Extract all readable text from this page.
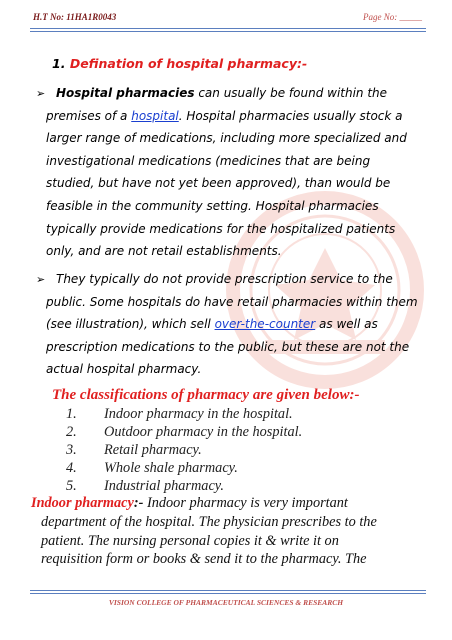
H.T No: 11HA1R0043	Page No: _____
1. Defination of hospital pharmacy:-
➢ Hospital pharmacies can usually be found within the
premises of a hospital. Hospital pharmacies usually stock a
larger range of medications, including more specialized and
investigational medications (medicines that are being
studied, but have not yet been approved), than would be
feasible in the community setting. Hospital pharmacies
typically provide medications for the hospitalized patients
only, and are not retail establishments.
➢ They typically do not provide prescription service to the
public. Some hospitals do have retail pharmacies within them
(see illustration), which sell over-the-counter as well as
prescription medications to the public, but these are not the
actual hospital pharmacy.
The classifications of pharmacy are given below:-
1. Indoor pharmacy in the hospital.
2. Outdoor pharmacy in the hospital.
3. Retail pharmacy.
4. Whole shale pharmacy.
5. Industrial pharmacy.
Indoor pharmacy:- Indoor pharmacy is very important
department of the hospital. The physician prescribes to the
patient. The nursing personal copies it & write it on
requisition form or books & send it to the pharmacy. The
VISION COLLEGE OF PHARMACEUTICAL SCIENCES & RESEARCH
